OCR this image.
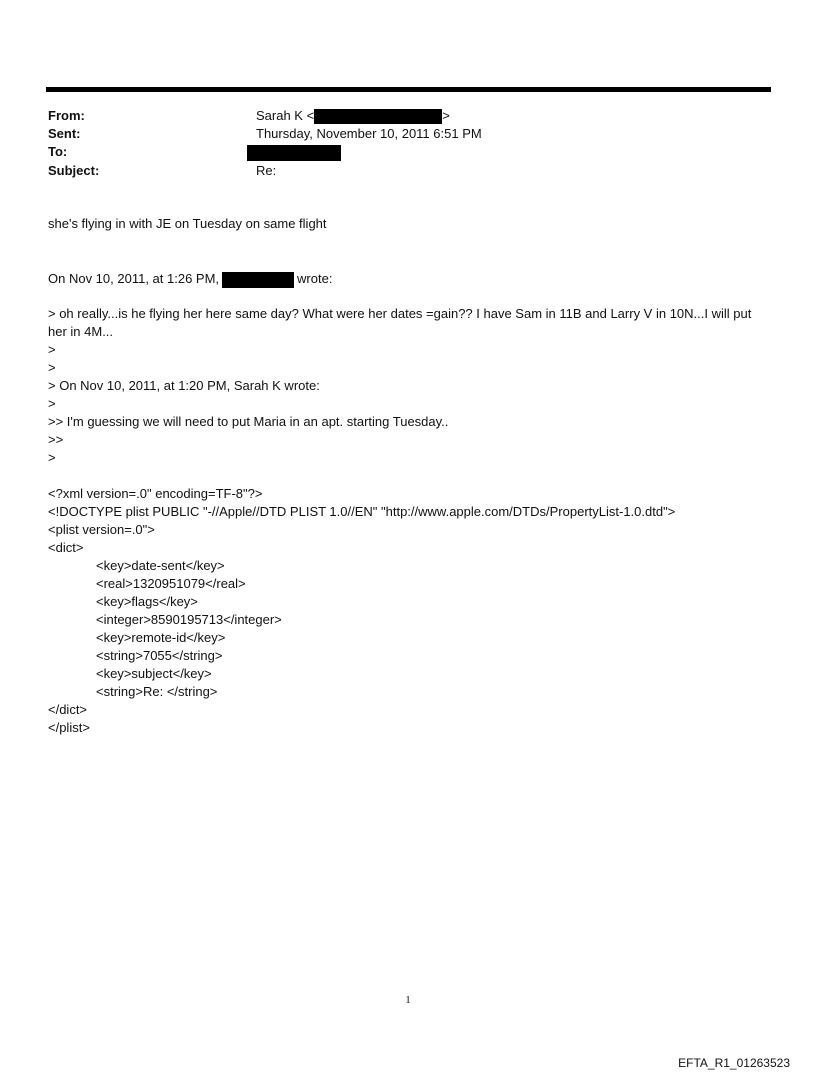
From:	Sarah K <	>
Sent:	Thursday, November 10, 2011 6:51 PM
To:
Subject:	Re:
she's flying in with JE on Tuesday on same flight
On Nov 10, 2011, at 1:26 PM,	wrote:
> oh really...is he flying her here same day? What were her dates =gain?? I have Sam in 11B and Larry V in 10N...I will put her in 4M...
>
>
> On Nov 10, 2011, at 1:20 PM, Sarah K wrote:
>
>> I'm guessing we will need to put Maria in an apt. starting Tuesday..
>>
>
<?xml version=.0" encoding=TF-8"?>
<!DOCTYPE plist PUBLIC "-//Apple//DTD PLIST 1.0//EN" "http://www.apple.com/DTDs/PropertyList-1.0.dtd">
<plist version=.0">
<dict>
<key>date-sent</key>
<real>1320951079</real>
<key>flags</key>
<integer>8590195713</integer>
<key>remote-id</key>
<string>7055</string>
<key>subject</key>
<string>Re: </string>
</dict>
</plist>
1
EFTA_R1_01263523
